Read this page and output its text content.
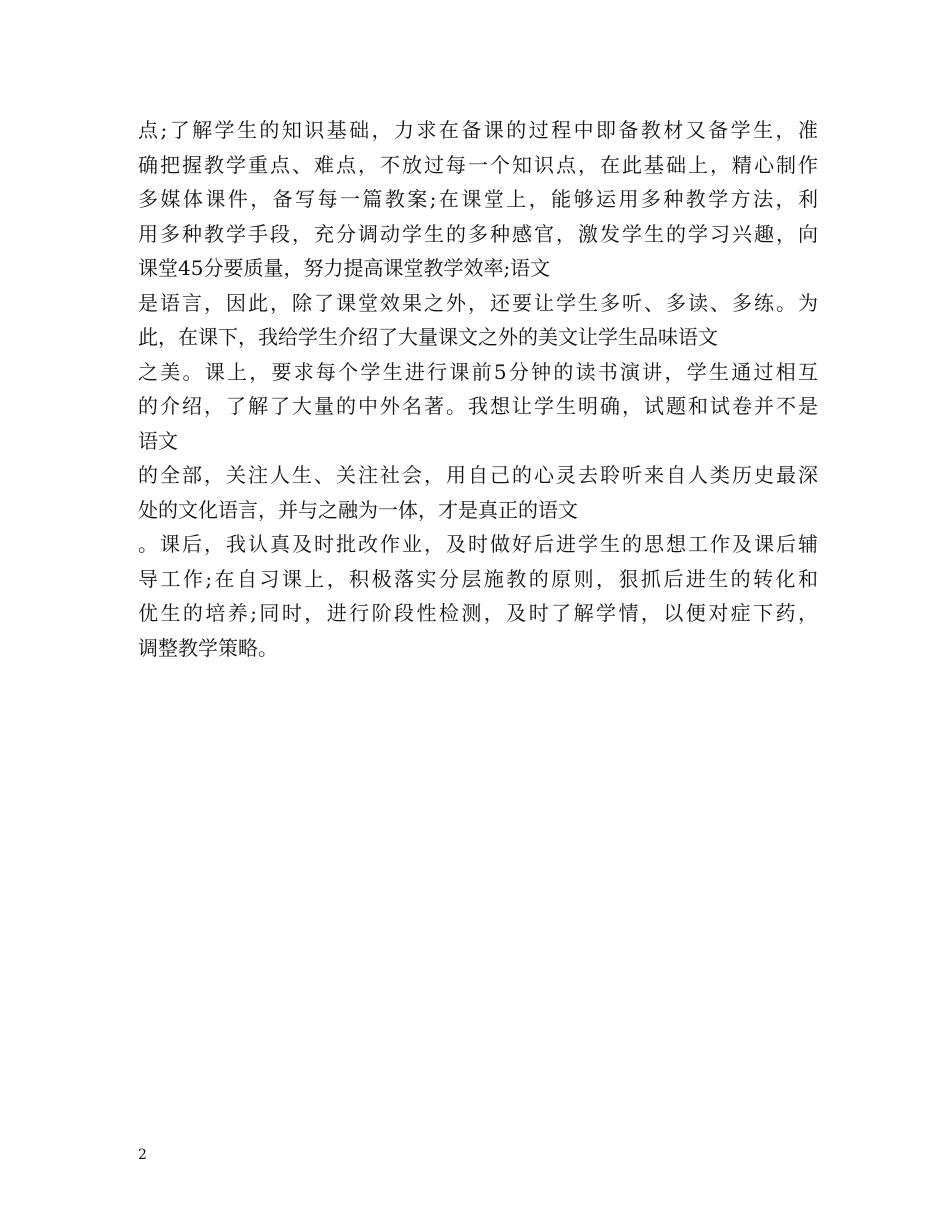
点;了解学生的知识基础，力求在备课的过程中即备教材又备学生，准
确把握教学重点、难点，不放过每一个知识点，在此基础上，精心制作
多媒体课件，备写每一篇教案;在课堂上，能够运用多种教学方法，利
用多种教学手段，充分调动学生的多种感官，激发学生的学习兴趣，向
课堂45分要质量，努力提高课堂教学效率;语文
是语言，因此，除了课堂效果之外，还要让学生多听、多读、多练。为
此，在课下，我给学生介绍了大量课文之外的美文让学生品味语文
之美。课上，要求每个学生进行课前5分钟的读书演讲，学生通过相互
的介绍，了解了大量的中外名著。我想让学生明确，试题和试卷并不是
语文
的全部，关注人生、关注社会，用自己的心灵去聆听来自人类历史最深
处的文化语言，并与之融为一体，才是真正的语文
。课后，我认真及时批改作业，及时做好后进学生的思想工作及课后辅
导工作;在自习课上，积极落实分层施教的原则，狠抓后进生的转化和
优生的培养;同时，进行阶段性检测，及时了解学情，以便对症下药，
调整教学策略。
2
